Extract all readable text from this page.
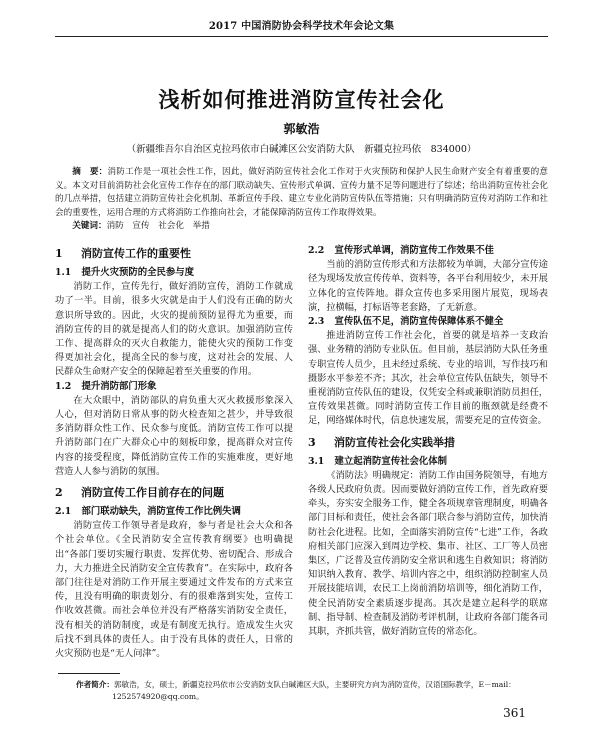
2017 中国消防协会科学技术年会论文集
浅析如何推进消防宣传社会化
郭敏浩
（新疆维吾尔自治区克拉玛依市白碱滩区公安消防大队　新疆克拉玛依　834000）

摘　要：消防工作是一项社会性工作，因此，做好消防宣传社会化工作对于火灾预防和保护人民生命财产安全有着重要的意义。本文对目前消防社会化宣传工作存在的部门联动缺失、宣传形式单调、宣传力量不足等问题进行了综述；给出消防宣传社会化的几点举措，包括建立消防宣传社会化机制、革新宣传手段、建立专业化消防宣传队伍等措施；只有明确消防宣传对消防工作和社会的重要性，运用合理的方式将消防工作推向社会，才能保障消防宣传工作取得效果。

关键词：消防　 宣传　 社会化　 举措

1 消防宣传工作的重要性
1.1 提升火灾预防的全民参与度

消防工作，宣传先行，做好消防宣传，消防工作就成功了一半。目前，很多火灾就是由于人们没有正确的防火意识所导致的。因此，火灾的提前预防显得尤为重要，而消防宣传的目的就是提高人们的防火意识。加强消防宣传工作、提高群众的灭火自救能力，能使火灾的预防工作变得更加社会化，提高全民的参与度，这对社会的发展、人民群众生命财产安全的保障起着至关重要的作用。

1.2 提升消防部门形象

在大众眼中，消防部队的肩负重大灭火救援形象深入人心，但对消防日常从事的防火检查知之甚少，并导致很多消防群众性工作、民众参与度低。消防宣传工作可以提升消防部门在广大群众心中的刻板印象，提高群众对宣传内容的接受程度，降低消防宣传工作的实施难度，更好地营造人人参与消防的氛围。

2 消防宣传工作目前存在的问题
2.1 部门联动缺失，消防宣传工作比例失调

消防宣传工作领导者是政府，参与者是社会大众和各个社会单位。《全民消防安全宣传教育纲要》也明确提出“各部门要切实履行职责、发挥优势、密切配合、形成合力，大力推进全民消防安全宣传教育”。在实际中，政府各部门往往是对消防工作开展主要通过文件发布的方式来宣传，且没有明确的职责划分、有的很难落到实处，宣传工作收效甚微。而社会单位并没有严格落实消防安全责任，没有相关的消防制度，或是有制度无执行。造成发生火灾后找不到具体的责任人。由于没有具体的责任人，日常的火灾预防也是“无人问津”。

2.2 宣传形式单调，消防宣传工作效果不佳

当前的消防宣传形式和方法都较为单调，大部分宣传途径为现场发放宣传传单、资料等，各平台利用较少，未开展立体化的宣传阵地。群众宣传也多采用图片展览，现场表演，拉横幅，打标语等老套路，了无新意。

2.3 宣传队伍不足，消防宣传保障体系不健全

推进消防宣传工作社会化，首要的就是培养一支政治强、业务精的消防专业队伍。但目前，基层消防大队任务重专职宣传人员少，且未经过系统、专业的培训，写作技巧和摄影水平参差不齐；其次，社会单位宣传队伍缺失，领导不重视消防宣传队伍的建设，仅凭安全科或兼职消防员担任，宣传效果甚微。同时消防宣传工作目前的瓶颈就是经费不足，网络媒体时代，信息快速发展，需要充足的宣传资金。

3 消防宣传社会化实践举措
3.1 建立起消防宣传社会化体制

《消防法》明确规定：消防工作由国务院领导，有地方各级人民政府负责。因而要做好消防宣传工作，首先政府要牵头，夯实安全服务工作，健全各项规章管理制度，明确各部门目标和责任，使社会各部门联合参与消防宣传，加快消防社会化进程。比如，全面落实消防宣传“七进”工作，各政府相关部门应深入到周边学校、集市、社区、工厂等人员密集区，广泛普及宣传消防安全常识和逃生自救知识；将消防知识纳入教育、教学、培训内容之中，组织消防控制室人员开展技能培训，农民工上岗前消防培训等，细化消防工作，使全民消防安全素质逐步提高。其次是建立起科学的联席制、指导制、检查制及消防考评机制，让政府各部门能各司其职，齐抓共管，做好消防宣传的常态化。

作者简介：郭敏浩，女，硕士，新疆克拉玛依市公安消防支队白碱滩区大队，主要研究方向为消防宣传，汉语国际教学，E－mail：
1252574920@qq.com。
361
